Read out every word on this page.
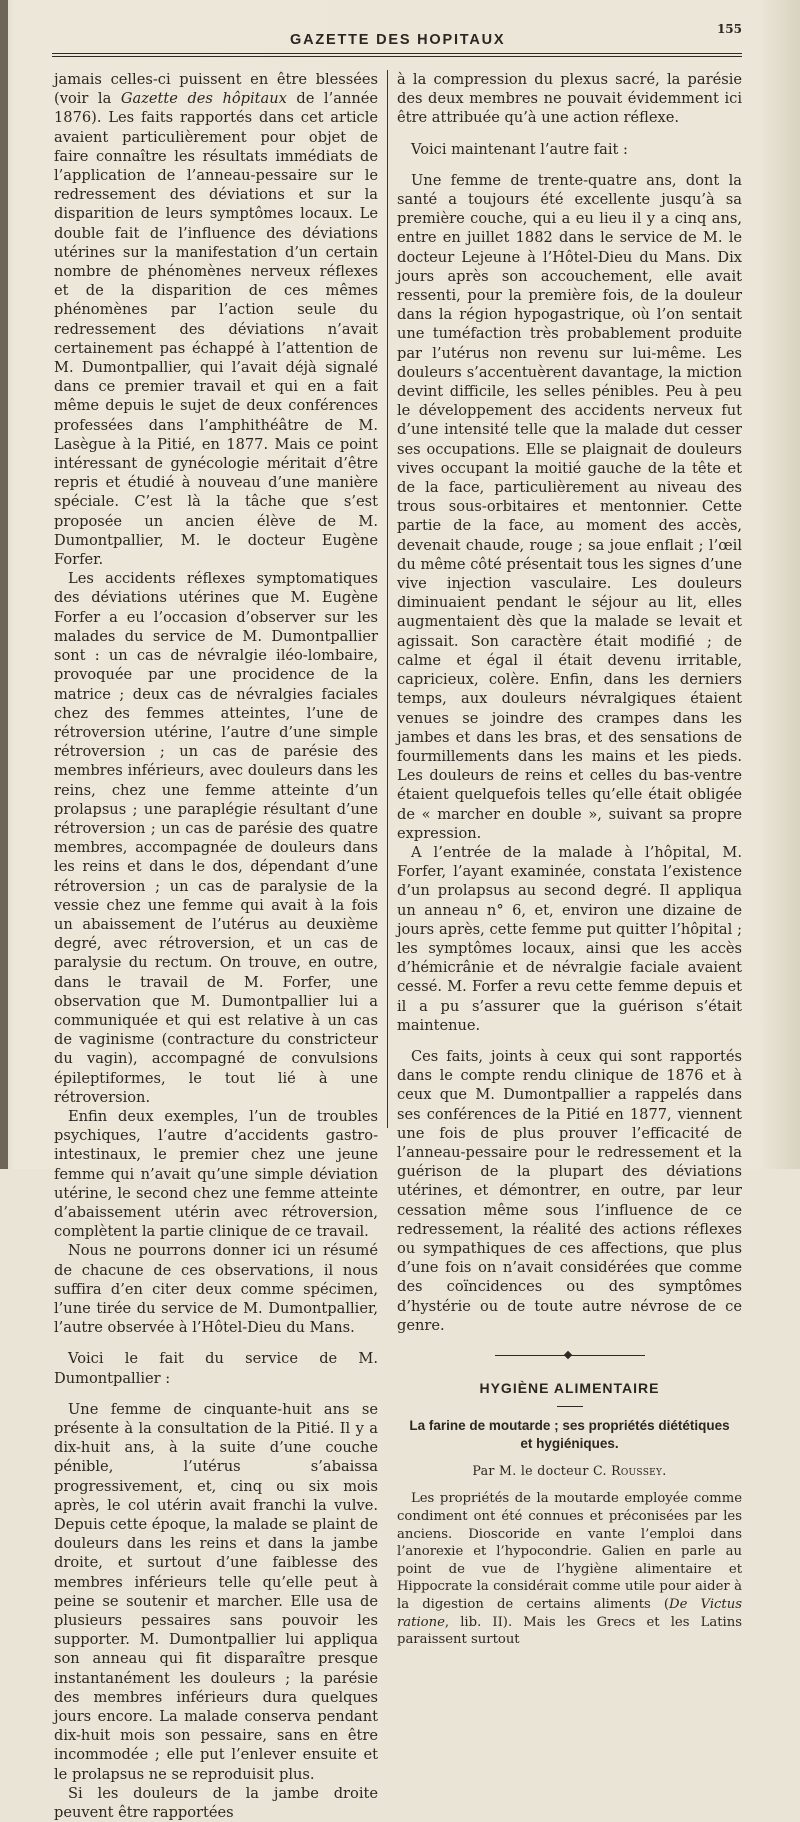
GAZETTE DES HOPITAUX
155

jamais celles-ci puissent en être blessées (voir la Gazette des hôpitaux de l’année 1876). Les faits rapportés dans cet article avaient particulièrement pour objet de faire connaître les résultats immédiats de l’application de l’anneau-pessaire sur le redressement des déviations et sur la disparition de leurs symptômes locaux. Le double fait de l’influence des déviations utérines sur la manifestation d’un certain nombre de phénomènes nerveux réflexes et de la disparition de ces mêmes phénomènes par l’action seule du redressement des déviations n’avait certainement pas échappé à l’attention de M. Dumontpallier, qui l’avait déjà signalé dans ce premier travail et qui en a fait même depuis le sujet de deux conférences professées dans l’amphithéâtre de M. Lasègue à la Pitié, en 1877. Mais ce point intéressant de gynécologie méritait d’être repris et étudié à nouveau d’une manière spéciale. C’est là la tâche que s’est proposée un ancien élève de M. Dumontpallier, M. le docteur Eugène Forfer.

Les accidents réflexes symptomatiques des déviations utérines que M. Eugène Forfer a eu l’occasion d’observer sur les malades du service de M. Dumontpallier sont : un cas de névralgie iléo-lombaire, provoquée par une procidence de la matrice ; deux cas de névralgies faciales chez des femmes atteintes, l’une de rétroversion utérine, l’autre d’une simple rétroversion ; un cas de parésie des membres inférieurs, avec douleurs dans les reins, chez une femme atteinte d’un prolapsus ; une paraplégie résultant d’une rétroversion ; un cas de parésie des quatre membres, accompagnée de douleurs dans les reins et dans le dos, dépendant d’une rétroversion ; un cas de paralysie de la vessie chez une femme qui avait à la fois un abaissement de l’utérus au deuxième degré, avec rétroversion, et un cas de paralysie du rectum. On trouve, en outre, dans le travail de M. Forfer, une observation que M. Dumontpallier lui a communiquée et qui est relative à un cas de vaginisme (contracture du constricteur du vagin), accompagné de convulsions épileptiformes, le tout lié à une rétroversion.

Enfin deux exemples, l’un de troubles psychiques, l’autre d’accidents gastro-intestinaux, le premier chez une jeune femme qui n’avait qu’une simple déviation utérine, le second chez une femme atteinte d’abaissement utérin avec rétroversion, complètent la partie clinique de ce travail.

Nous ne pourrons donner ici un résumé de chacune de ces observations, il nous suffira d’en citer deux comme spécimen, l’une tirée du service de M. Dumontpallier, l’autre observée à l’Hôtel-Dieu du Mans.

Voici le fait du service de M. Dumontpallier :

Une femme de cinquante-huit ans se présente à la consultation de la Pitié. Il y a dix-huit ans, à la suite d’une couche pénible, l’utérus s’abaissa progressivement, et, cinq ou six mois après, le col utérin avait franchi la vulve. Depuis cette époque, la malade se plaint de douleurs dans les reins et dans la jambe droite, et surtout d’une faiblesse des membres inférieurs telle qu’elle peut à peine se soutenir et marcher. Elle usa de plusieurs pessaires sans pouvoir les supporter. M. Dumontpallier lui appliqua son anneau qui fit disparaître presque instantanément les douleurs ; la parésie des membres inférieurs dura quelques jours encore. La malade conserva pendant dix-huit mois son pessaire, sans en être incommodée ; elle put l’enlever ensuite et le prolapsus ne se reproduisit plus.

Si les douleurs de la jambe droite peuvent être rapportées

à la compression du plexus sacré, la parésie des deux membres ne pouvait évidemment ici être attribuée qu’à une action réflexe.

Voici maintenant l’autre fait :

Une femme de trente-quatre ans, dont la santé a toujours été excellente jusqu’à sa première couche, qui a eu lieu il y a cinq ans, entre en juillet 1882 dans le service de M. le docteur Lejeune à l’Hôtel-Dieu du Mans. Dix jours après son accouchement, elle avait ressenti, pour la première fois, de la douleur dans la région hypogastrique, où l’on sentait une tuméfaction très probablement produite par l’utérus non revenu sur lui-même. Les douleurs s’accentuèrent davantage, la miction devint difficile, les selles pénibles. Peu à peu le développement des accidents nerveux fut d’une intensité telle que la malade dut cesser ses occupations. Elle se plaignait de douleurs vives occupant la moitié gauche de la tête et de la face, particulièrement au niveau des trous sous-orbitaires et mentonnier. Cette partie de la face, au moment des accès, devenait chaude, rouge ; sa joue enflait ; l’œil du même côté présentait tous les signes d’une vive injection vasculaire. Les douleurs diminuaient pendant le séjour au lit, elles augmentaient dès que la malade se levait et agissait. Son caractère était modifié ; de calme et égal il était devenu irritable, capricieux, colère. Enfin, dans les derniers temps, aux douleurs névralgiques étaient venues se joindre des crampes dans les jambes et dans les bras, et des sensations de fourmillements dans les mains et les pieds. Les douleurs de reins et celles du bas-ventre étaient quelquefois telles qu’elle était obligée de « marcher en double », suivant sa propre expression.

A l’entrée de la malade à l’hôpital, M. Forfer, l’ayant examinée, constata l’existence d’un prolapsus au second degré. Il appliqua un anneau n° 6, et, environ une dizaine de jours après, cette femme put quitter l’hôpital ; les symptômes locaux, ainsi que les accès d’hémicrânie et de névralgie faciale avaient cessé. M. Forfer a revu cette femme depuis et il a pu s’assurer que la guérison s’était maintenue.

Ces faits, joints à ceux qui sont rapportés dans le compte rendu clinique de 1876 et à ceux que M. Dumontpallier a rappelés dans ses conférences de la Pitié en 1877, viennent une fois de plus prouver l’efficacité de l’anneau-pessaire pour le redressement et la guérison de la plupart des déviations utérines, et démontrer, en outre, par leur cessation même sous l’influence de ce redressement, la réalité des actions réflexes ou sympathiques de ces affections, que plus d’une fois on n’avait considérées que comme des coïncidences ou des symptômes d’hystérie ou de toute autre névrose de ce genre.

HYGIÈNE ALIMENTAIRE
La farine de moutarde ; ses propriétés diététiques et hygiéniques.
Par M. le docteur C. Roussey.

Les propriétés de la moutarde employée comme condiment ont été connues et préconisées par les anciens. Dioscoride en vante l’emploi dans l’anorexie et l’hypocondrie. Galien en parle au point de vue de l’hygiène alimentaire et Hippocrate la considérait comme utile pour aider à la digestion de certains aliments (De Victus ratione, lib. II). Mais les Grecs et les Latins paraissent surtout
